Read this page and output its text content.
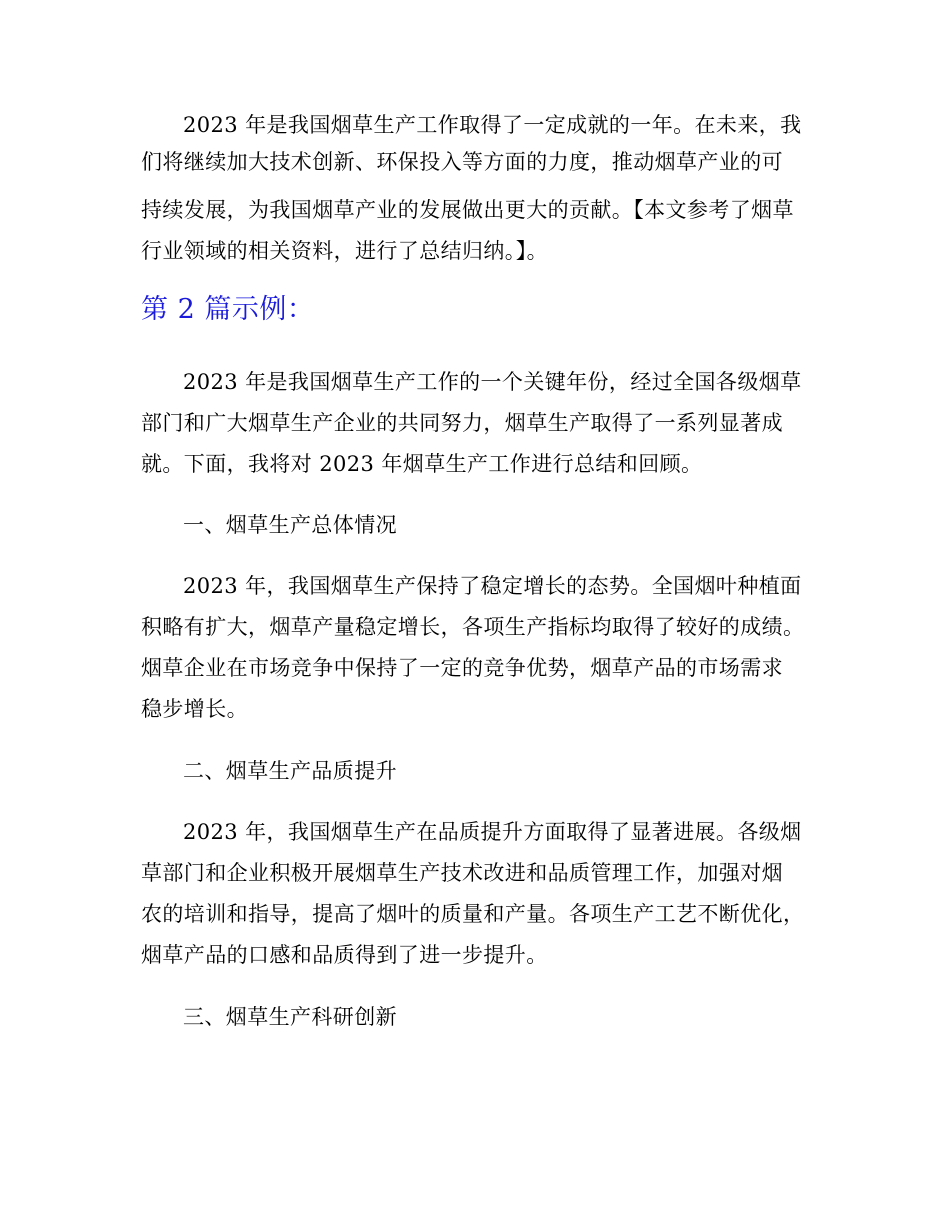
2023 年是我国烟草生产工作取得了一定成就的一年。在未来，我
们将继续加大技术创新、环保投入等方面的力度，推动烟草产业的可
持续发展，为我国烟草产业的发展做出更大的贡献。【本文参考了烟草
行业领域的相关资料，进行了总结归纳。】。
第 2 篇示例：
2023 年是我国烟草生产工作的一个关键年份，经过全国各级烟草
部门和广大烟草生产企业的共同努力，烟草生产取得了一系列显著成
就。下面，我将对 2023 年烟草生产工作进行总结和回顾。
一、烟草生产总体情况
2023 年，我国烟草生产保持了稳定增长的态势。全国烟叶种植面
积略有扩大，烟草产量稳定增长，各项生产指标均取得了较好的成绩。
烟草企业在市场竞争中保持了一定的竞争优势，烟草产品的市场需求
稳步增长。
二、烟草生产品质提升
2023 年，我国烟草生产在品质提升方面取得了显著进展。各级烟
草部门和企业积极开展烟草生产技术改进和品质管理工作，加强对烟
农的培训和指导，提高了烟叶的质量和产量。各项生产工艺不断优化，
烟草产品的口感和品质得到了进一步提升。
三、烟草生产科研创新
